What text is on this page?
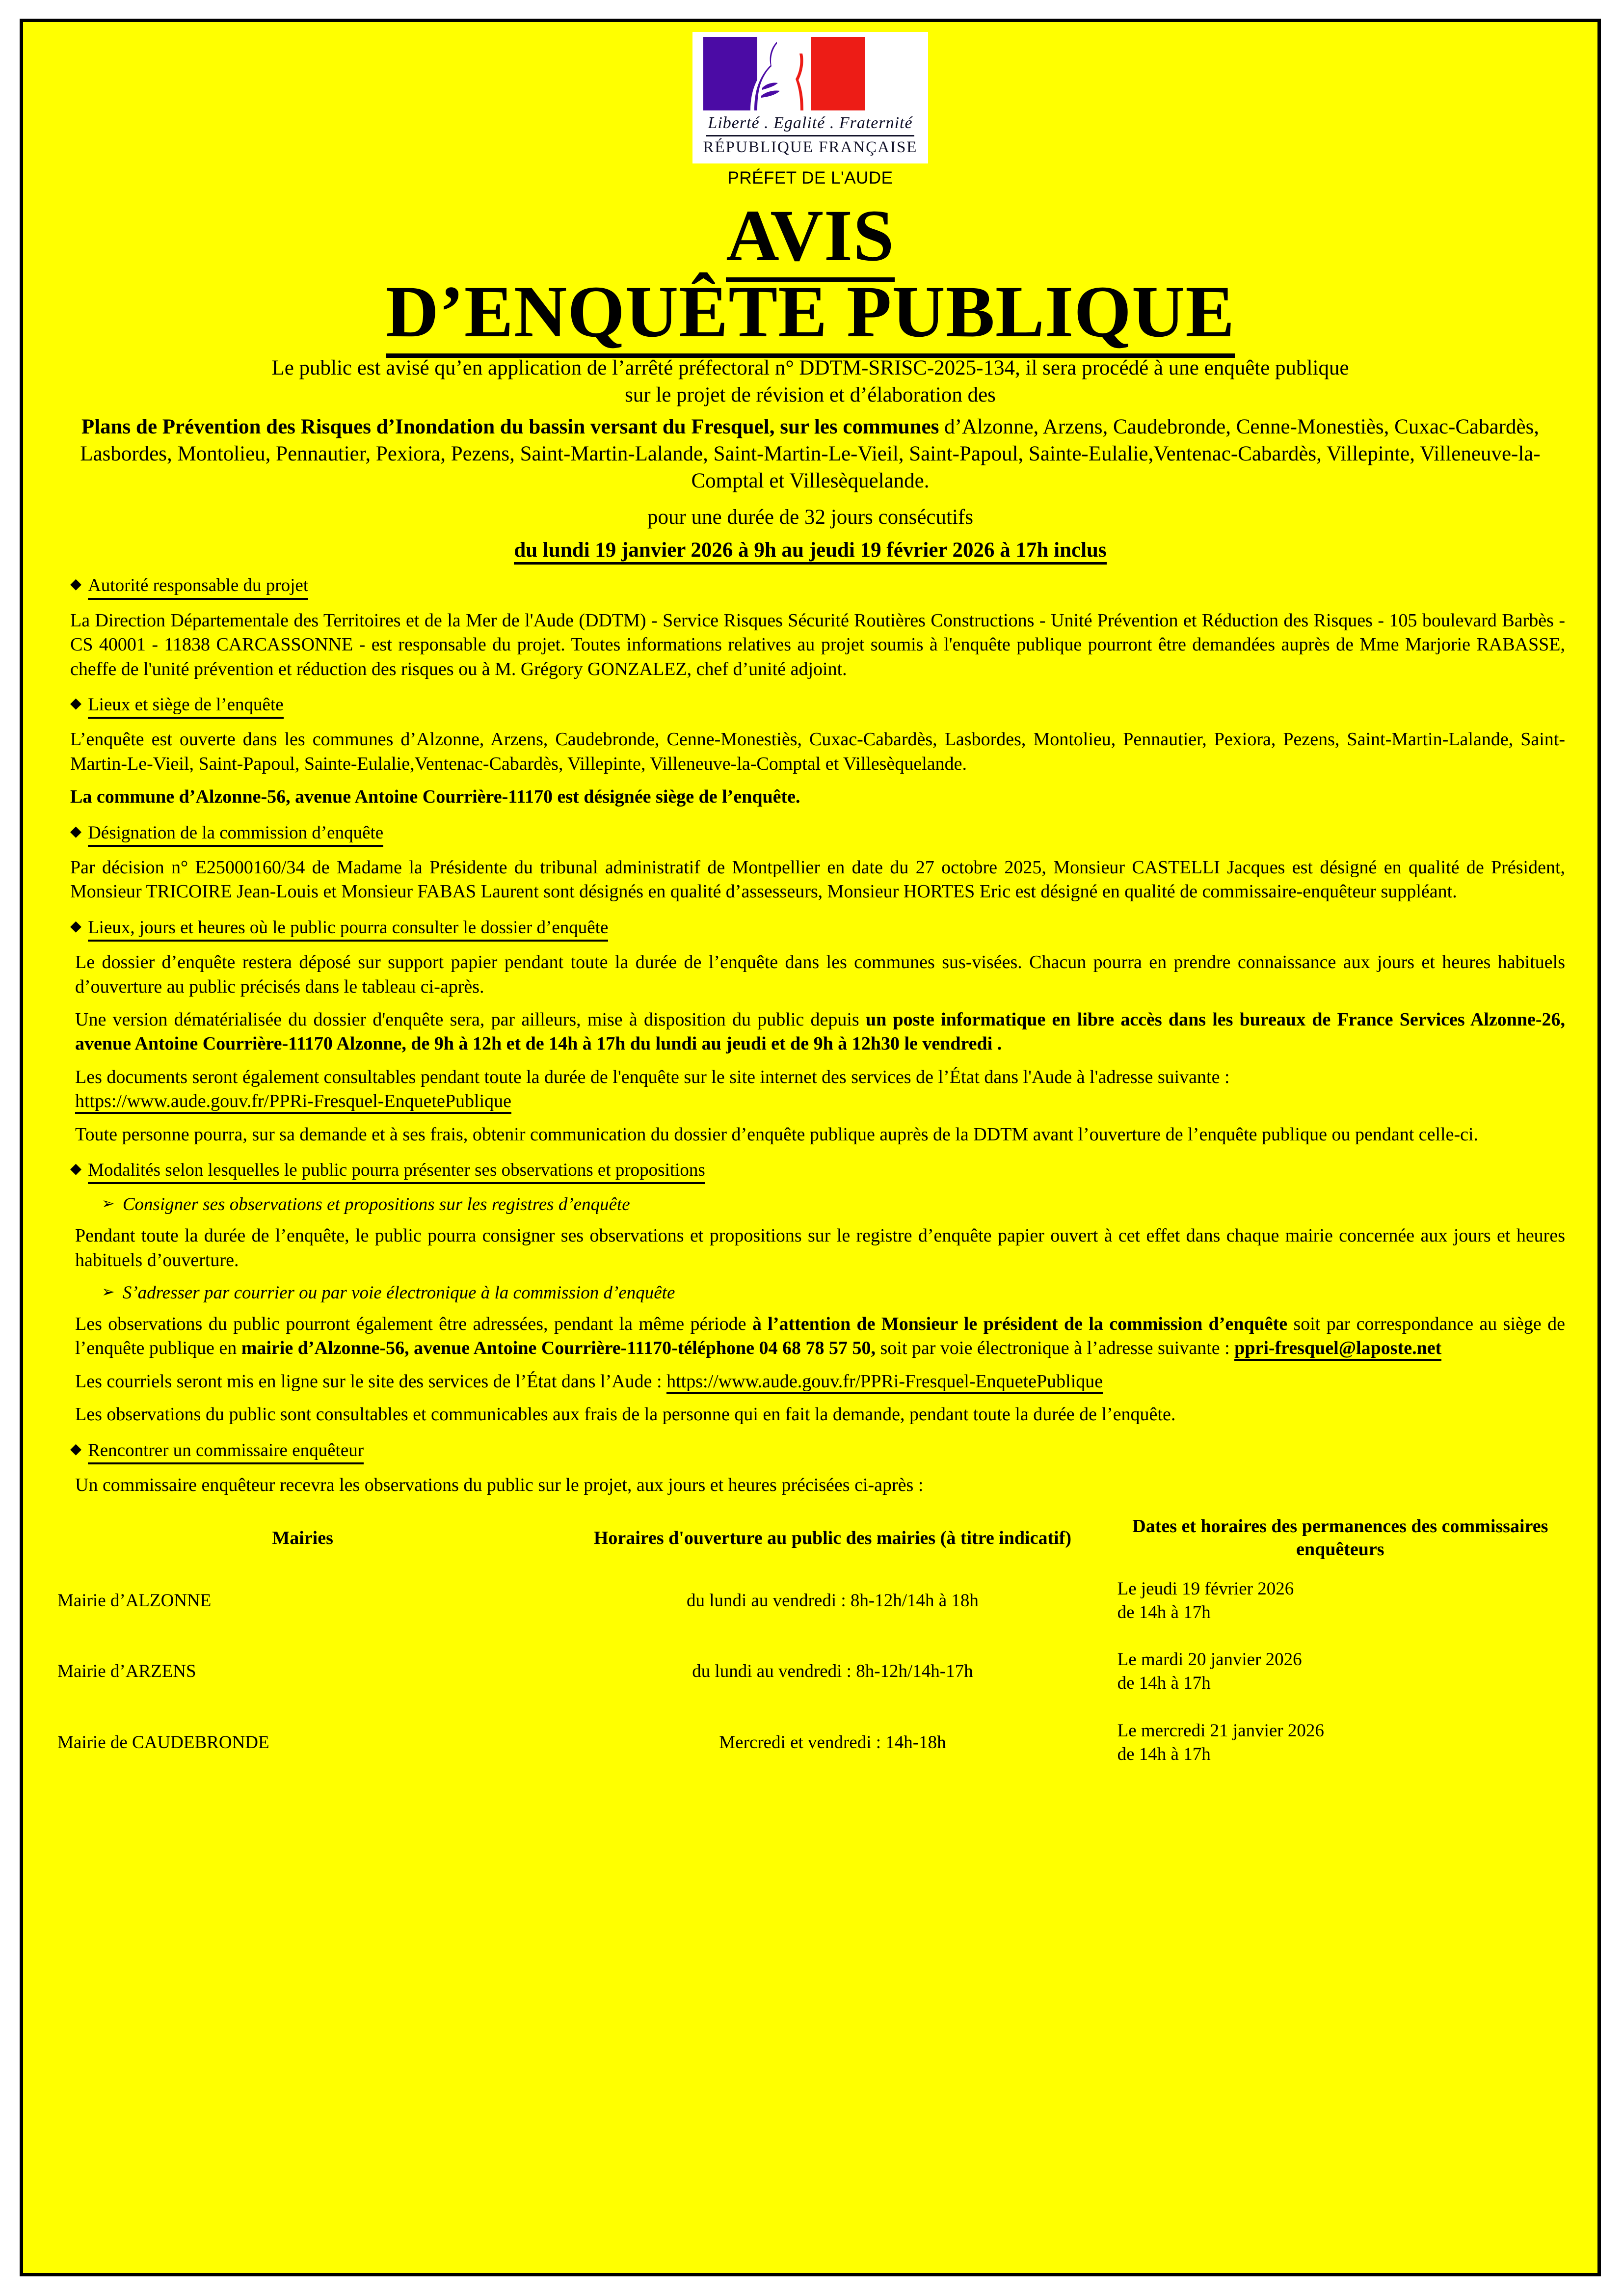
Liberté . Egalité . Fraternité
RÉPUBLIQUE FRANÇAISE
PRÉFET DE L'AUDE
AVIS
D’ENQUÊTE PUBLIQUE
Le public est avisé qu’en application de l’arrêté préfectoral n° DDTM-SRISC-2025-134, il sera procédé à une enquête publique
sur le projet de révision et d’élaboration des
Plans de Prévention des Risques d’Inondation du bassin versant du Fresquel, sur les communes d’Alzonne, Arzens, Caudebronde, Cenne-Monestiès, Cuxac-Cabardès, Lasbordes, Montolieu, Pennautier, Pexiora, Pezens, Saint-Martin-Lalande, Saint-Martin-Le-Vieil, Saint-Papoul, Sainte-Eulalie,Ventenac-Cabardès, Villepinte, Villeneuve-la-Comptal et Villesèquelande.
pour une durée de 32 jours consécutifs
du lundi 19 janvier 2026 à 9h au jeudi 19 février 2026 à 17h inclus
◆ Autorité responsable du projet

La Direction Départementale des Territoires et de la Mer de l'Aude (DDTM) - Service Risques Sécurité Routières Constructions - Unité Prévention et Réduction des Risques - 105 boulevard Barbès - CS 40001 - 11838 CARCASSONNE - est responsable du projet. Toutes informations relatives au projet soumis à l'enquête publique pourront être demandées auprès de Mme Marjorie RABASSE, cheffe de l'unité prévention et réduction des risques ou à M. Grégory GONZALEZ, chef d’unité adjoint.

◆ Lieux et siège de l’enquête

L’enquête est ouverte dans les communes d’Alzonne, Arzens, Caudebronde, Cenne-Monestiès, Cuxac-Cabardès, Lasbordes, Montolieu, Pennautier, Pexiora, Pezens, Saint-Martin-Lalande, Saint-Martin-Le-Vieil, Saint-Papoul, Sainte-Eulalie,Ventenac-Cabardès, Villepinte, Villeneuve-la-Comptal et Villesèquelande.

La commune d’Alzonne-56, avenue Antoine Courrière-11170 est désignée siège de l’enquête.

◆ Désignation de la commission d’enquête

Par décision n° E25000160/34 de Madame la Présidente du tribunal administratif de Montpellier en date du 27 octobre 2025, Monsieur CASTELLI Jacques est désigné en qualité de Président, Monsieur TRICOIRE Jean-Louis et Monsieur FABAS Laurent sont désignés en qualité d’assesseurs, Monsieur HORTES Eric est désigné en qualité de commissaire-enquêteur suppléant.

◆ Lieux, jours et heures où le public pourra consulter le dossier d’enquête

Le dossier d’enquête restera déposé sur support papier pendant toute la durée de l’enquête dans les communes sus-visées. Chacun pourra en prendre connaissance aux jours et heures habituels d’ouverture au public précisés dans le tableau ci-après.

Une version dématérialisée du dossier d'enquête sera, par ailleurs, mise à disposition du public depuis un poste informatique en libre accès dans les bureaux de France Services Alzonne-26, avenue Antoine Courrière-11170 Alzonne, de 9h à 12h et de 14h à 17h du lundi au jeudi et de 9h à 12h30 le vendredi .

Les documents seront également consultables pendant toute la durée de l'enquête sur le site internet des services de l’État dans l'Aude à l'adresse suivante :
https://www.aude.gouv.fr/PPRi-Fresquel-EnquetePublique

Toute personne pourra, sur sa demande et à ses frais, obtenir communication du dossier d’enquête publique auprès de la DDTM avant l’ouverture de l’enquête publique ou pendant celle-ci.

◆ Modalités selon lesquelles le public pourra présenter ses observations et propositions
➢ Consigner ses observations et propositions sur les registres d’enquête

Pendant toute la durée de l’enquête, le public pourra consigner ses observations et propositions sur le registre d’enquête papier ouvert à cet effet dans chaque mairie concernée aux jours et heures habituels d’ouverture.

➢ S’adresser par courrier ou par voie électronique à la commission d’enquête

Les observations du public pourront également être adressées, pendant la même période à l’attention de Monsieur le président de la commission d’enquête soit par correspondance au siège de l’enquête publique en mairie d’Alzonne-56, avenue Antoine Courrière-11170-téléphone 04 68 78 57 50, soit par voie électronique à l’adresse suivante : ppri-fresquel@laposte.net

Les courriels seront mis en ligne sur le site des services de l’État dans l’Aude : https://www.aude.gouv.fr/PPRi-Fresquel-EnquetePublique

Les observations du public sont consultables et communicables aux frais de la personne qui en fait la demande, pendant toute la durée de l’enquête.

◆ Rencontrer un commissaire enquêteur

Un commissaire enquêteur recevra les observations du public sur le projet, aux jours et heures précisées ci-après :

Mairies	Horaires d'ouverture au public des mairies (à titre indicatif)	Dates et horaires des permanences des commissaires enquêteurs
Mairie d’ALZONNE	du lundi au vendredi : 8h-12h/14h à 18h	Le jeudi 19 février 2026
de 14h à 17h

Mairie d’ARZENS	du lundi au vendredi : 8h-12h/14h-17h	Le mardi 20 janvier 2026
de 14h à 17h

Mairie de CAUDEBRONDE	Mercredi et vendredi : 14h-18h	Le mercredi 21 janvier 2026
de 14h à 17h
